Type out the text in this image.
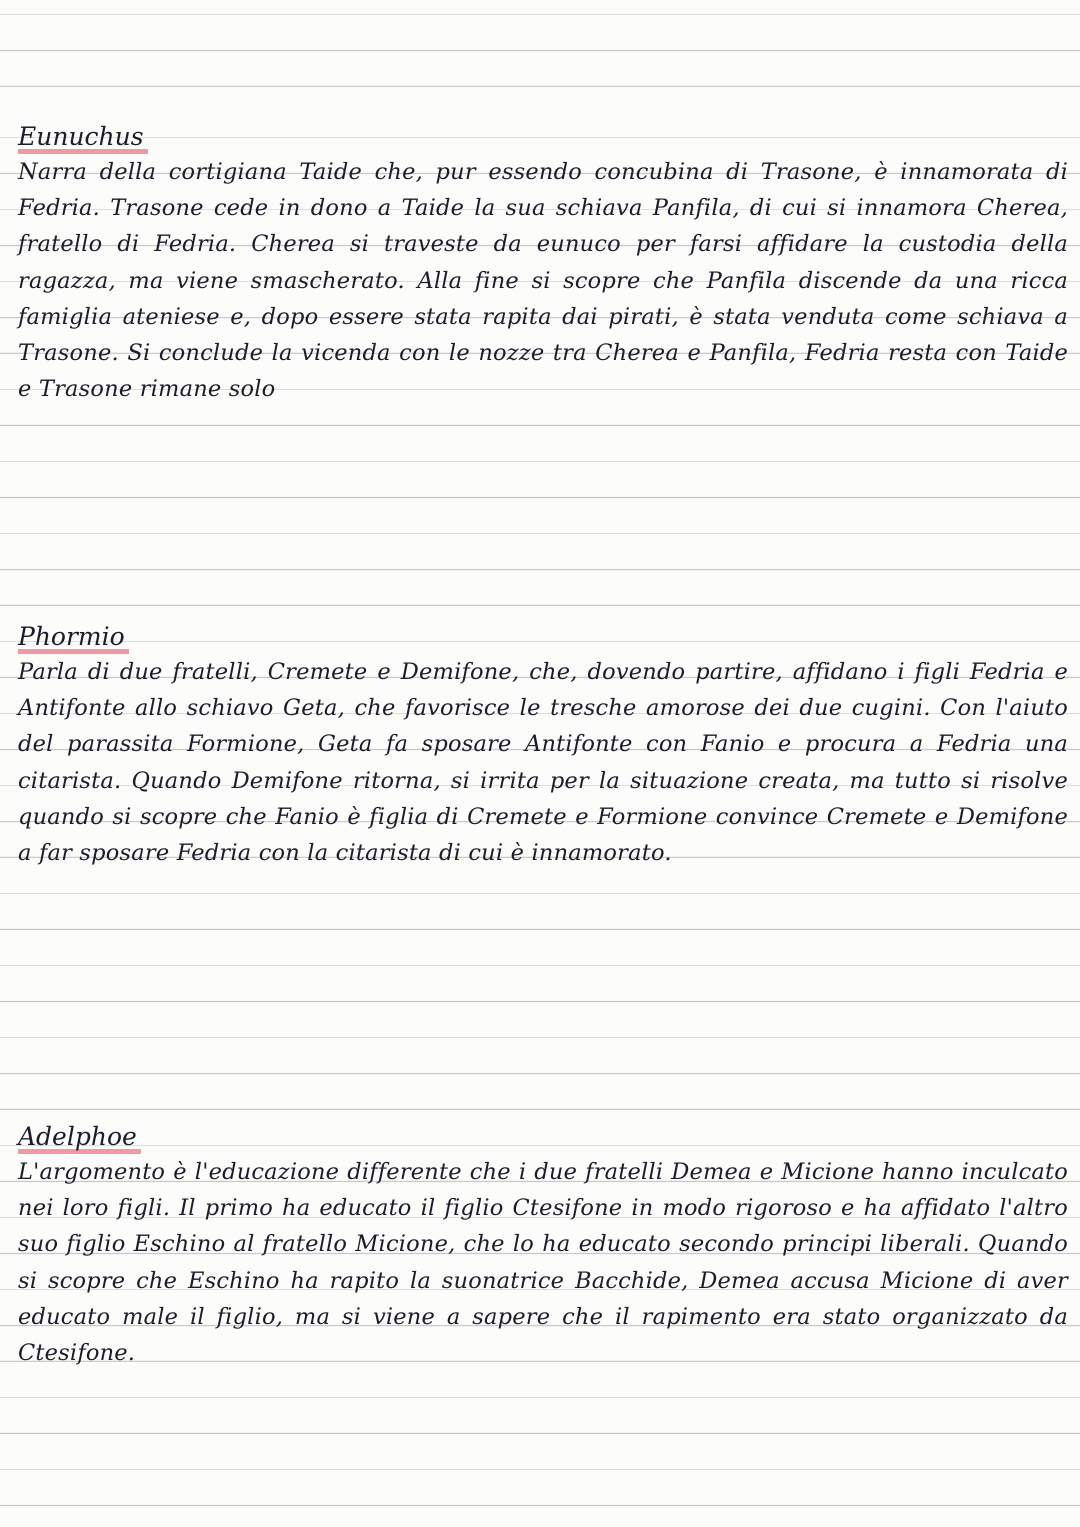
Eunuchus

Narra della cortigiana Taide che, pur essendo concubina di Trasone, è innamorata di Fedria. Trasone cede in dono a Taide la sua schiava Panfila, di cui si innamora Cherea, fratello di Fedria. Cherea si traveste da eunuco per farsi affidare la custodia della ragazza, ma viene smascherato. Alla fine si scopre che Panfila discende da una ricca famiglia ateniese e, dopo essere stata rapita dai pirati, è stata venduta come schiava a Trasone. Si conclude la vicenda con le nozze tra Cherea e Panfila, Fedria resta con Taide e Trasone rimane solo

Phormio

Parla di due fratelli, Cremete e Demifone, che, dovendo partire, affidano i figli Fedria e Antifonte allo schiavo Geta, che favorisce le tresche amorose dei due cugini. Con l'aiuto del parassita Formione, Geta fa sposare Antifonte con Fanio e procura a Fedria una citarista. Quando Demifone ritorna, si irrita per la situazione creata, ma tutto si risolve quando si scopre che Fanio è figlia di Cremete e Formione convince Cremete e Demifone a far sposare Fedria con la citarista di cui è innamorato.

Adelphoe

L'argomento è l'educazione differente che i due fratelli Demea e Micione hanno inculcato nei loro figli. Il primo ha educato il figlio Ctesifone in modo rigoroso e ha affidato l'altro suo figlio Eschino al fratello Micione, che lo ha educato secondo principi liberali. Quando si scopre che Eschino ha rapito la suonatrice Bacchide, Demea accusa Micione di aver educato male il figlio, ma si viene a sapere che il rapimento era stato organizzato da Ctesifone.
